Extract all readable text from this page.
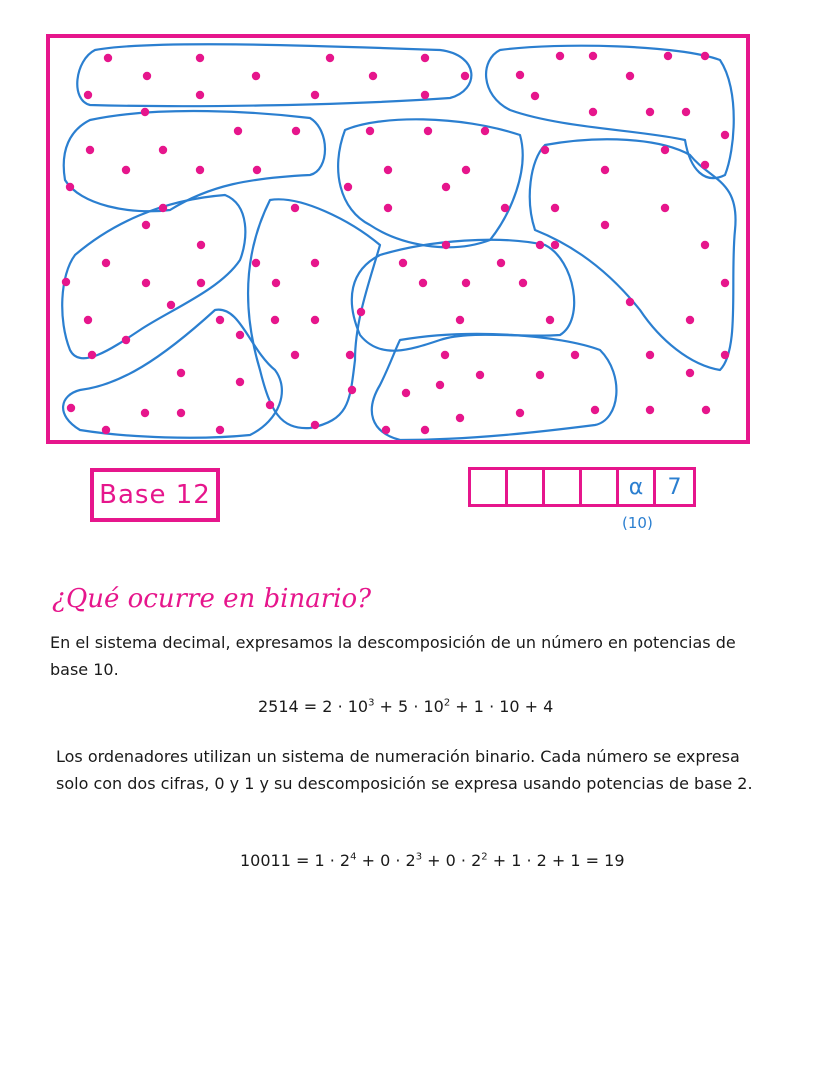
Base 12	α	7
(10)
¿Qué ocurre en binario?
En el sistema decimal, expresamos la descomposición de un número en potencias de base 10.
$2514 = 2 \cdot 10^3 + 5 \cdot 10^2 + 1 \cdot 10 + 4$
Los ordenadores utilizan un sistema de numeración binario. Cada número se expresa solo con dos cifras, 0 y 1 y su descomposición se expresa usando potencias de base 2.
$10011 = 1 \cdot 2^4 + 0 \cdot 2^3 + 0 \cdot 2^2 + 1 \cdot 2 + 1 = 19$
